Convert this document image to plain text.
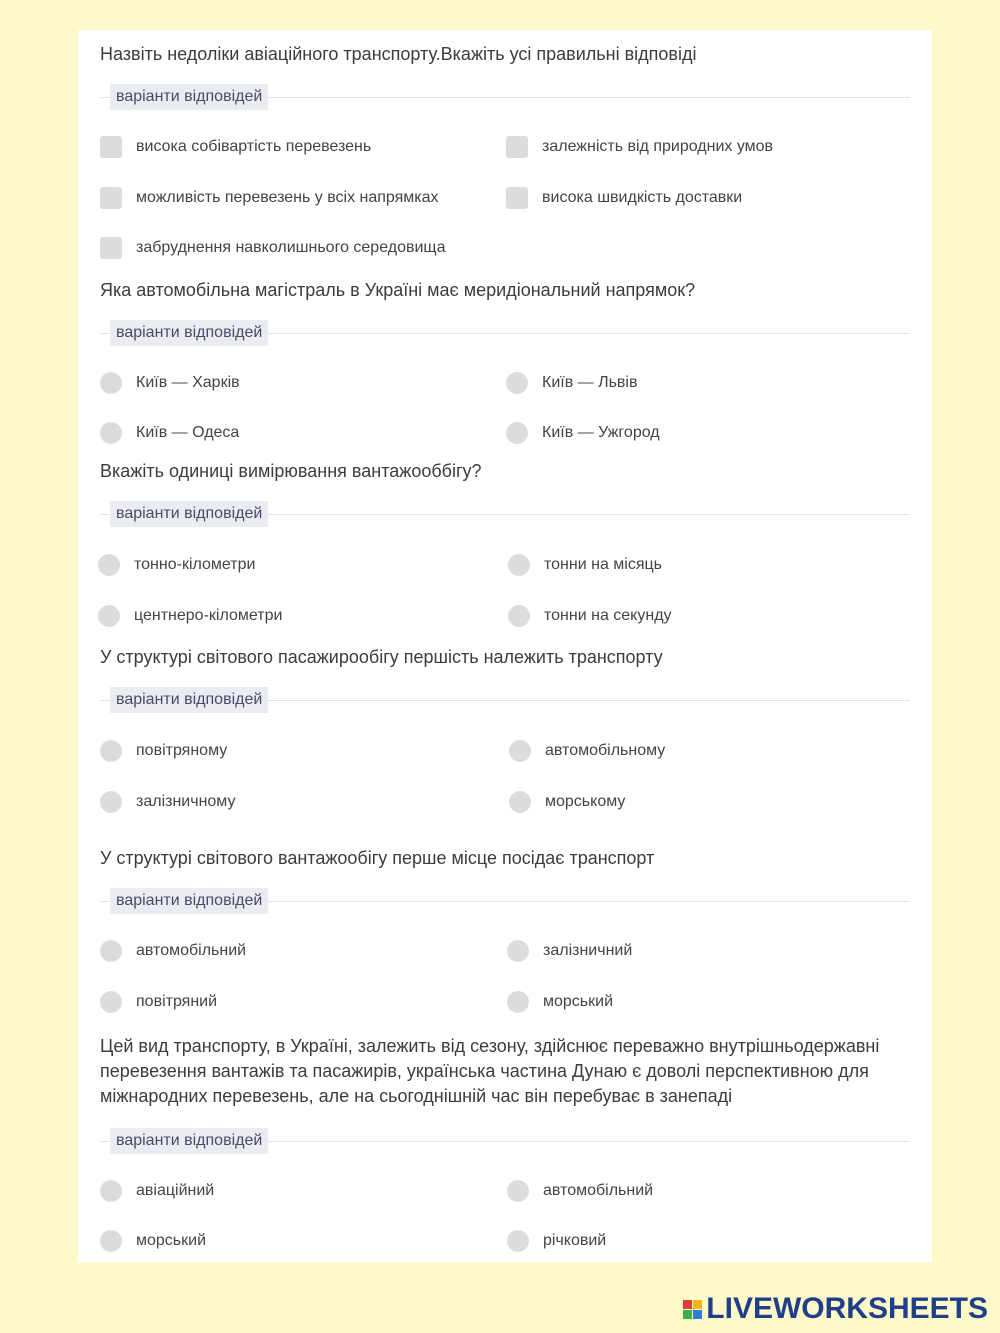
Назвіть недоліки авіаційного транспорту.Вкажіть усі правильні відповіді
варіанти відповідей
висока собівартість перевезень	залежність від природних умов
можливість перевезень у всіх напрямках	висока швидкість доставки
забруднення навколишнього середовища
Яка автомобільна магістраль в Україні має меридіональний напрямок?
варіанти відповідей
Київ — Харків	Київ — Львів
Київ — Одеса	Київ — Ужгород
Вкажіть одиниці вимірювання вантажооббігу?
варіанти відповідей
тонно-кілометри	тонни на місяць
центнеро-кілометри	тонни на секунду
У структурі світового пасажирообігу першість належить транспорту
варіанти відповідей
повітряному	автомобільному
залізничному	морському
У структурі світового вантажообігу перше місце посідає транспорт
варіанти відповідей
автомобільний	залізничний
повітряний	морський
Цей вид транспорту, в Україні, залежить від сезону, здійснює переважно внутрішньодержавні перевезення вантажів та пасажирів, українська частина Дунаю є доволі перспективною для міжнародних перевезень, але на сьогоднішній час він перебуває в занепаді
варіанти відповідей
авіаційний	автомобільний
морський	річковий
LIVEWORKSHEETS
